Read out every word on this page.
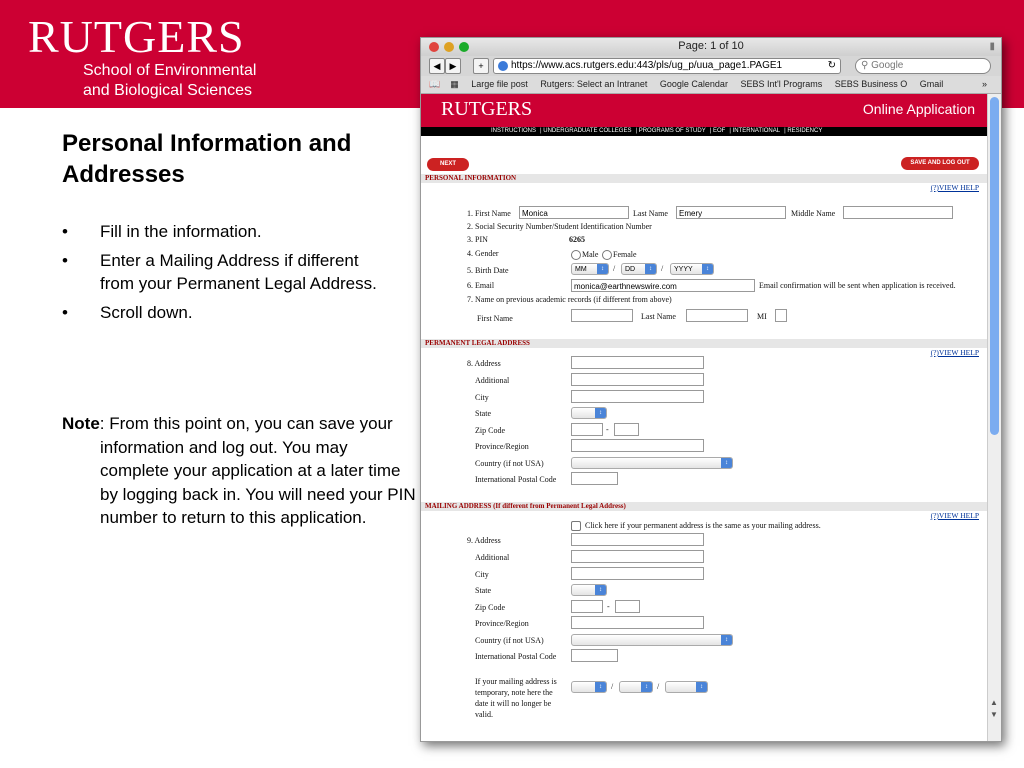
RUTGERS
School of Environmental
and Biological Sciences
Personal Information and Addresses
• Fill in the information.
• Enter a Mailing Address if different from your Permanent Legal Address.
• Scroll down.
Note: From this point on, you can save your information and log out. You may complete your application at a later time by logging back in. You will need your PIN number to return to this application.
Page: 1 of 10	▮
◀	▶	+	https://www.acs.rutgers.edu:443/pls/ug_p/uua_page1.PAGE1	↻	⚲ Google
📖 ▦ Large file post Rutgers: Select an Intranet Google Calendar SEBS Int'l Programs SEBS Business O Gmail	»
RUTGERS	Online Application
INSTRUCTIONS | UNDERGRADUATE COLLEGES | PROGRAMS OF STUDY | EOF | INTERNATIONAL | RESIDENCY
NEXT	SAVE AND LOG OUT
PERSONAL INFORMATION
(?)VIEW HELP
1. First Name	Monica	Last Name	Emery	Middle Name
2. Social Security Number/Student Identification Number
3. PIN	6265
4. Gender	Male Female
5. Birth Date	MM	↕	/	DD	↕	/	YYYY	↕
6. Email	monica@earthnewswire.com	Email confirmation will be sent when application is received.
7. Name on previous academic records (if different from above)
First Name	Last Name	MI
PERMANENT LEGAL ADDRESS
(?)VIEW HELP
8. Address
Additional
City
State	↕
Zip Code	-
Province/Region
Country (if not USA)	↕
International Postal Code
MAILING ADDRESS (If different from Permanent Legal Address)
(?)VIEW HELP
Click here if your permanent address is the same as your mailing address.
9. Address
Additional
City
State	↕
Zip Code	-
Province/Region
Country (if not USA)	↕
International Postal Code
If your mailing address is
temporary, note here the
date it will no longer be
valid.
↕	/	↕	/	↕
▲
▼
